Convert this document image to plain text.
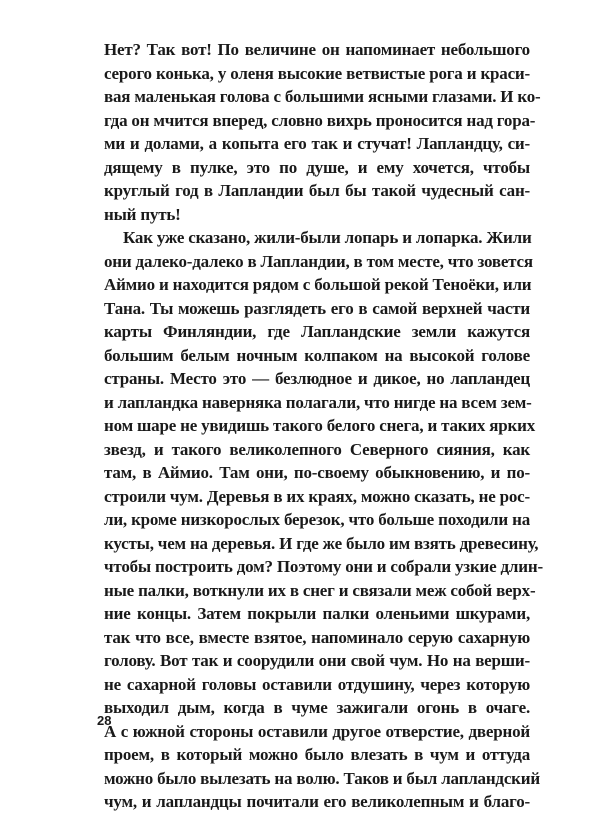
Нет? Так вот! По величине он напоминает небольшого
серого конька, у оленя высокие ветвистые рога и краси-
вая маленькая голова с большими ясными глазами. И ко-
гда он мчится вперед, словно вихрь проносится над гора-
ми и долами, а копыта его так и стучат! Лапландцу, си-
дящему в пулке, это по душе, и ему хочется, чтобы
круглый год в Лапландии был бы такой чудесный сан-
ный путь!
Как уже сказано, жили-были лопарь и лопарка. Жили
они далеко-далеко в Лапландии, в том месте, что зовется
Аймио и находится рядом с большой рекой Теноёки, или
Тана. Ты можешь разглядеть его в самой верхней части
карты Финляндии, где Лапландские земли кажутся
большим белым ночным колпаком на высокой голове
страны. Место это — безлюдное и дикое, но лапландец
и лапландка наверняка полагали, что нигде на всем зем-
ном шаре не увидишь такого белого снега, и таких ярких
звезд, и такого великолепного Северного сияния, как
там, в Аймио. Там они, по-своему обыкновению, и по-
строили чум. Деревья в их краях, можно сказать, не рос-
ли, кроме низкорослых березок, что больше походили на
кусты, чем на деревья. И где же было им взять древесину,
чтобы построить дом? Поэтому они и собрали узкие длин-
ные палки, воткнули их в снег и связали меж собой верх-
ние концы. Затем покрыли палки оленьими шкурами,
так что все, вместе взятое, напоминало серую сахарную
голову. Вот так и соорудили они свой чум. Но на верши-
не сахарной головы оставили отдушину, через которую
выходил дым, когда в чуме зажигали огонь в очаге.
А с южной стороны оставили другое отверстие, дверной
проем, в который можно было влезать в чум и оттуда
можно было вылезать на волю. Таков и был лапландский
чум, и лапландцы почитали его великолепным и благо-
28
